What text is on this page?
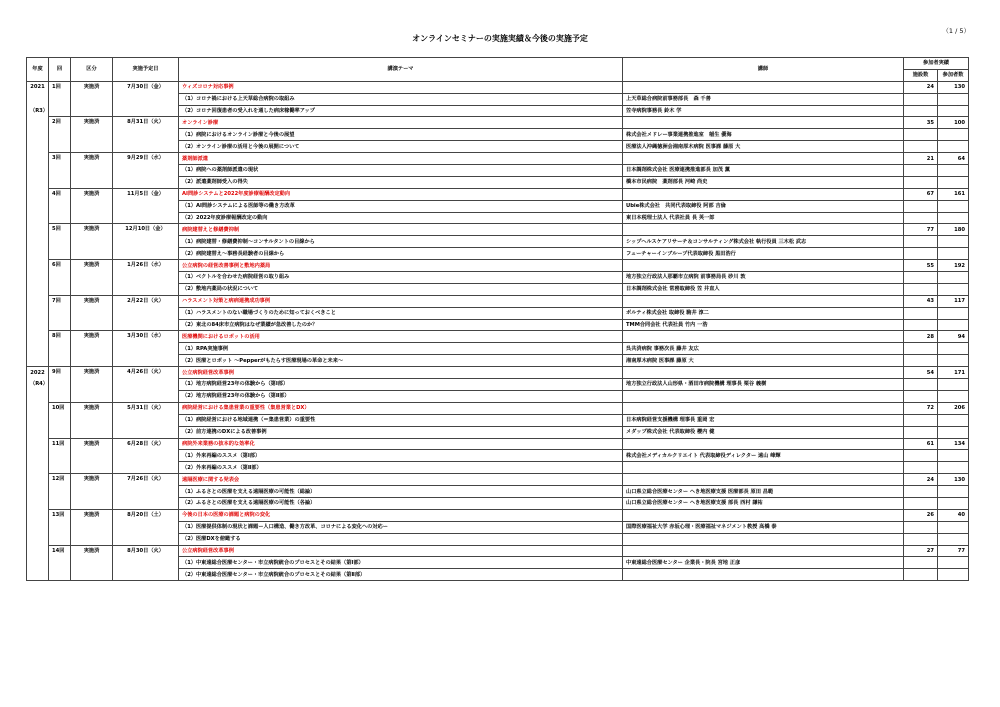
オンラインセミナーの実施実績＆今後の実施予定
（1 / 5）
年度	回	区分	実施予定日	講演テーマ	講師	参加者実績	
						施設数	参加者数
2021	1回	実施済	7月30日（金）	ウィズコロナ対応事例		24	130
				（1）コロナ禍における上天草総合病院の取組み	上天草総合病院前事務部長　森 千善		
（R3）				（2）コロナ回復患者の受入れを通した病床稼働率アップ	笠寺病院事務長 鈴木 学		
	2回	実施済	8月31日（火）	オンライン診療		35	100
				（1）病院におけるオンライン診療と今後の展望	株式会社メドレー事業連携推進室　稲生 優海		
				（2）オンライン診療の活用と今後の展開について	医療法人沖縄徳洲会湘南厚木病院 医事課 藤原 大		
	3回	実施済	9月29日（水）	薬剤師派遣		21	64
				（1）病院への薬剤師派遣の現状	日本調剤株式会社 医療連携推進部長 加茂 薫		
				（2）派遣薬剤師受入の得失	橋本市民病院　薬剤部長 河崎 尚史		
	4回	実施済	11月5日（金）	AI問診システムと2022年度診療報酬改定動向		67	161
				（1）AI問診システムによる医師等の働き方改革	Ubie株式会社　共同代表取締役 阿部 吉倫		
				（2）2022年度診療報酬改定の動向	東日本税理士法人 代表社員 長 英一郎		
	5回	実施済	12月10日（金）	病院建替えと修繕費抑制		77	180
				（1）病院建替・修繕費抑制～コンサルタントの目線から	シップヘルスケアリサーチ＆コンサルティング株式会社 執行役員 三木松 武志		
				（2）病院建替え～事務長経験者の目線から	フューチャーインブループ代表取締役 黒田浩行		
	6回	実施済	1月26日（水）	公立病院の経営改善事例と敷地内薬局		55	192
				（1）ベクトルを合わせた病院経営の取り組み	地方独立行政法人那覇市立病院 前事務局長 砂川 敦		
				（2）敷地内薬局の状況について	日本調剤株式会社 常務取締役 笠 井直人		
	7回	実施済	2月22日（火）	ハラスメント対策と病病連携成功事例		43	117
				（1）ハラスメントのない職場づくりのために知っておくべきこと	ボルティ株式会社 取締役 駒井 淳二		
				（2）東北の84床市立病院はなぜ業績が急改善したのか？	TMM合同会社 代表社員 竹内 一浩		
	8回	実施済	3月30日（水）	医療機関におけるロボットの活用		28	94
				（1）RPA実施事例	呉共済病院 事務次長 藤井 友広		
				（2）医療とロボット ～Pepperがもたらす医療現場の革命と未来～	湘南厚木病院 医事課 藤原 大		
2022	9回	実施済	4月26日（火）	公立病院経営改革事例		54	171
（R4）				（1）地方病院経営23年の体験から（第Ⅰ部）	地方独立行政法人山形県・酒田市病院機構 理事長 栗谷 義樹		
				（2）地方病院経営23年の体験から（第Ⅱ部）			
	10回	実施済	5月31日（火）	病院経営における集患営業の重要性（集患営業とDX）		72	206
				（1）病院経営における地域連携（＝集患営業）の重要性	日本病院経営支援機構 理事長 重岡 宏		
				（2）前方連携のDXによる改善事例	メダップ株式会社 代表取締役 櫻内 健		
	11回	実施済	6月28日（火）	病院外来業務の抜本的な効率化		61	134
				（1）外来再編のススメ（第Ⅰ部）	株式会社メディカルクリエイト 代表取締役ディレクター 遠山 峰輝		
				（2）外来再編のススメ（第Ⅱ部）			
	12回	実施済	7月26日（火）	遠隔医療に関する発表会		24	130
				（1）ふるさとの医療を支える遠隔医療の可能性（総論）	山口県立総合医療センター へき地医療支援 医療部長 原田 昌範		
				（2）ふるさとの医療を支える遠隔医療の可能性（各論）	山口県立総合医療センター へき地医療支援 部長 西村 謙祐		
	13回	実施済	8月20日（土）	今後の日本の医療の課題と病院の変化		26	40
				（1）医療提供体制の現状と課題ー人口構造、働き方改革、コロナによる変化への対応ー	国際医療福祉大学 赤坂心理・医療福祉マネジメント教授 高橋 泰		
				（2）医療DXを俯瞰する			
	14回	実施済	8月30日（火）	公立病院経営改革事例		27	77
				（1）中東遠総合医療センター・市立病院統合のプロセスとその結果（第Ⅰ部）	中東遠総合医療センター 企業長・院長 宮地 正彦		
				（2）中東遠総合医療センター・市立病院統合のプロセスとその結果（第Ⅱ部）			
